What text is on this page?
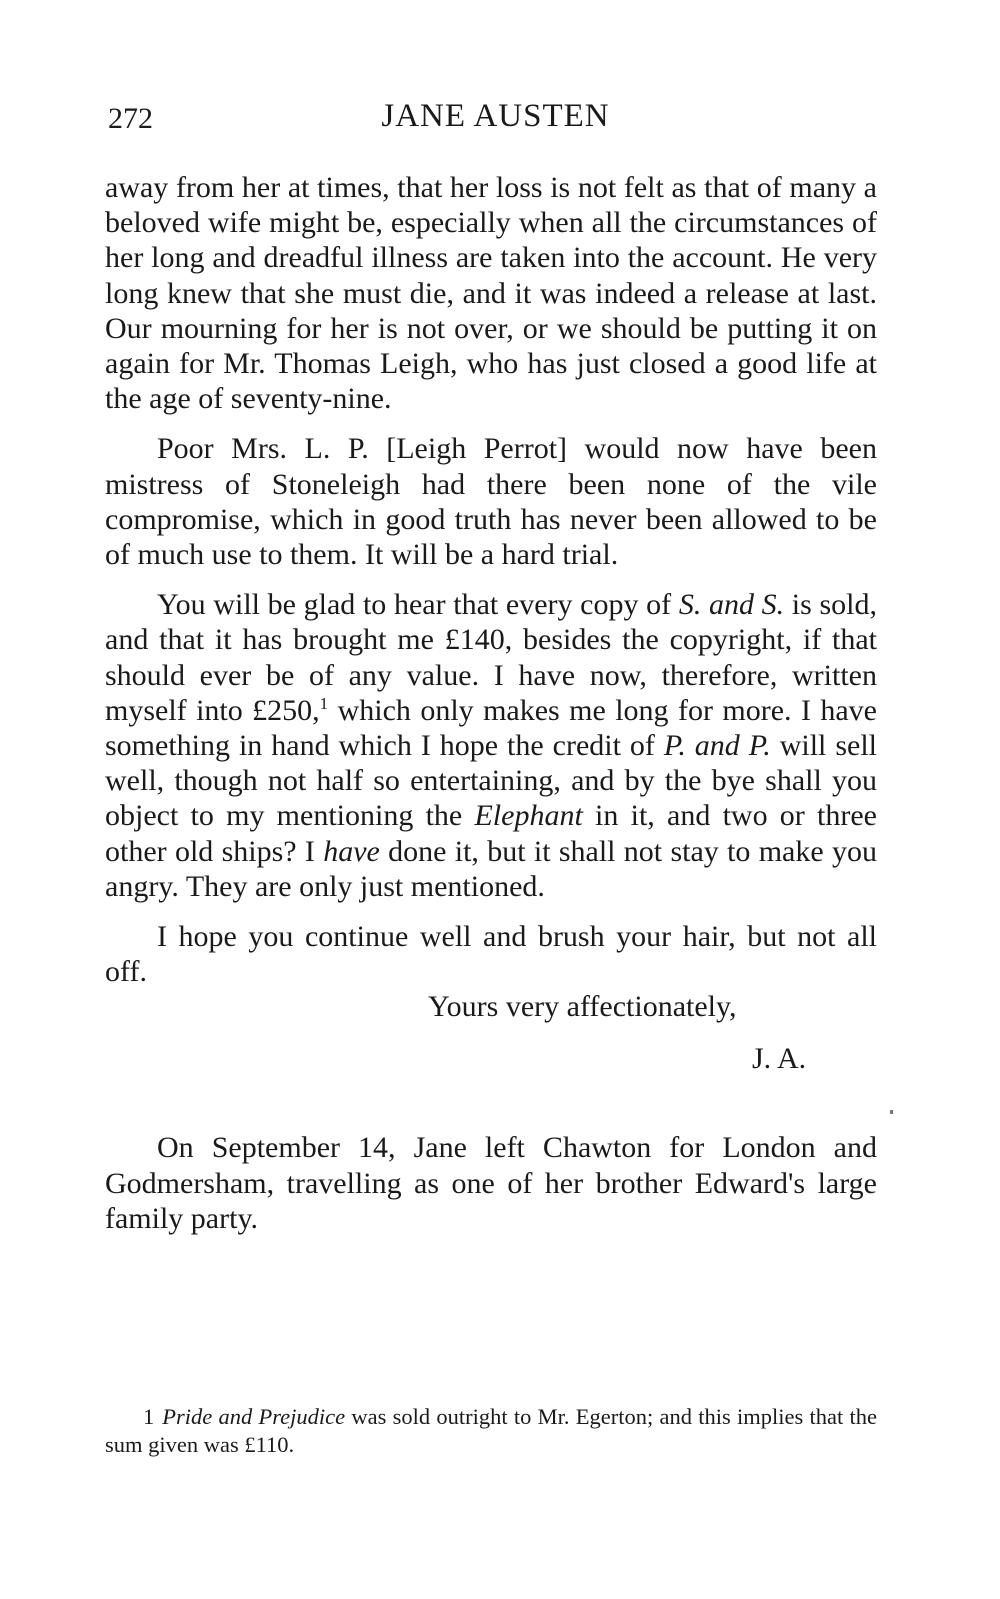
272	JANE AUSTEN

away from her at times, that her loss is not felt as that of many a beloved wife might be, especially when all the circumstances of her long and dreadful illness are taken into the account. He very long knew that she must die, and it was indeed a release at last. Our mourning for her is not over, or we should be putting it on again for Mr. Thomas Leigh, who has just closed a good life at the age of seventy-nine.

Poor Mrs. L. P. [Leigh Perrot] would now have been mistress of Stoneleigh had there been none of the vile compromise, which in good truth has never been allowed to be of much use to them. It will be a hard trial.

You will be glad to hear that every copy of S. and S. is sold, and that it has brought me £140, besides the copyright, if that should ever be of any value. I have now, therefore, written myself into £250,$^1$ which only makes me long for more. I have something in hand which I hope the credit of P. and P. will sell well, though not half so entertaining, and by the bye shall you object to my mentioning the Elephant in it, and two or three other old ships? I have done it, but it shall not stay to make you angry. They are only just mentioned.

I hope you continue well and brush your hair, but not all off.

Yours very affectionately,
J. A.

On September 14, Jane left Chawton for London and Godmersham, travelling as one of her brother Edward's large family party.

1 Pride and Prejudice was sold outright to Mr. Egerton; and this implies that the sum given was £110.
